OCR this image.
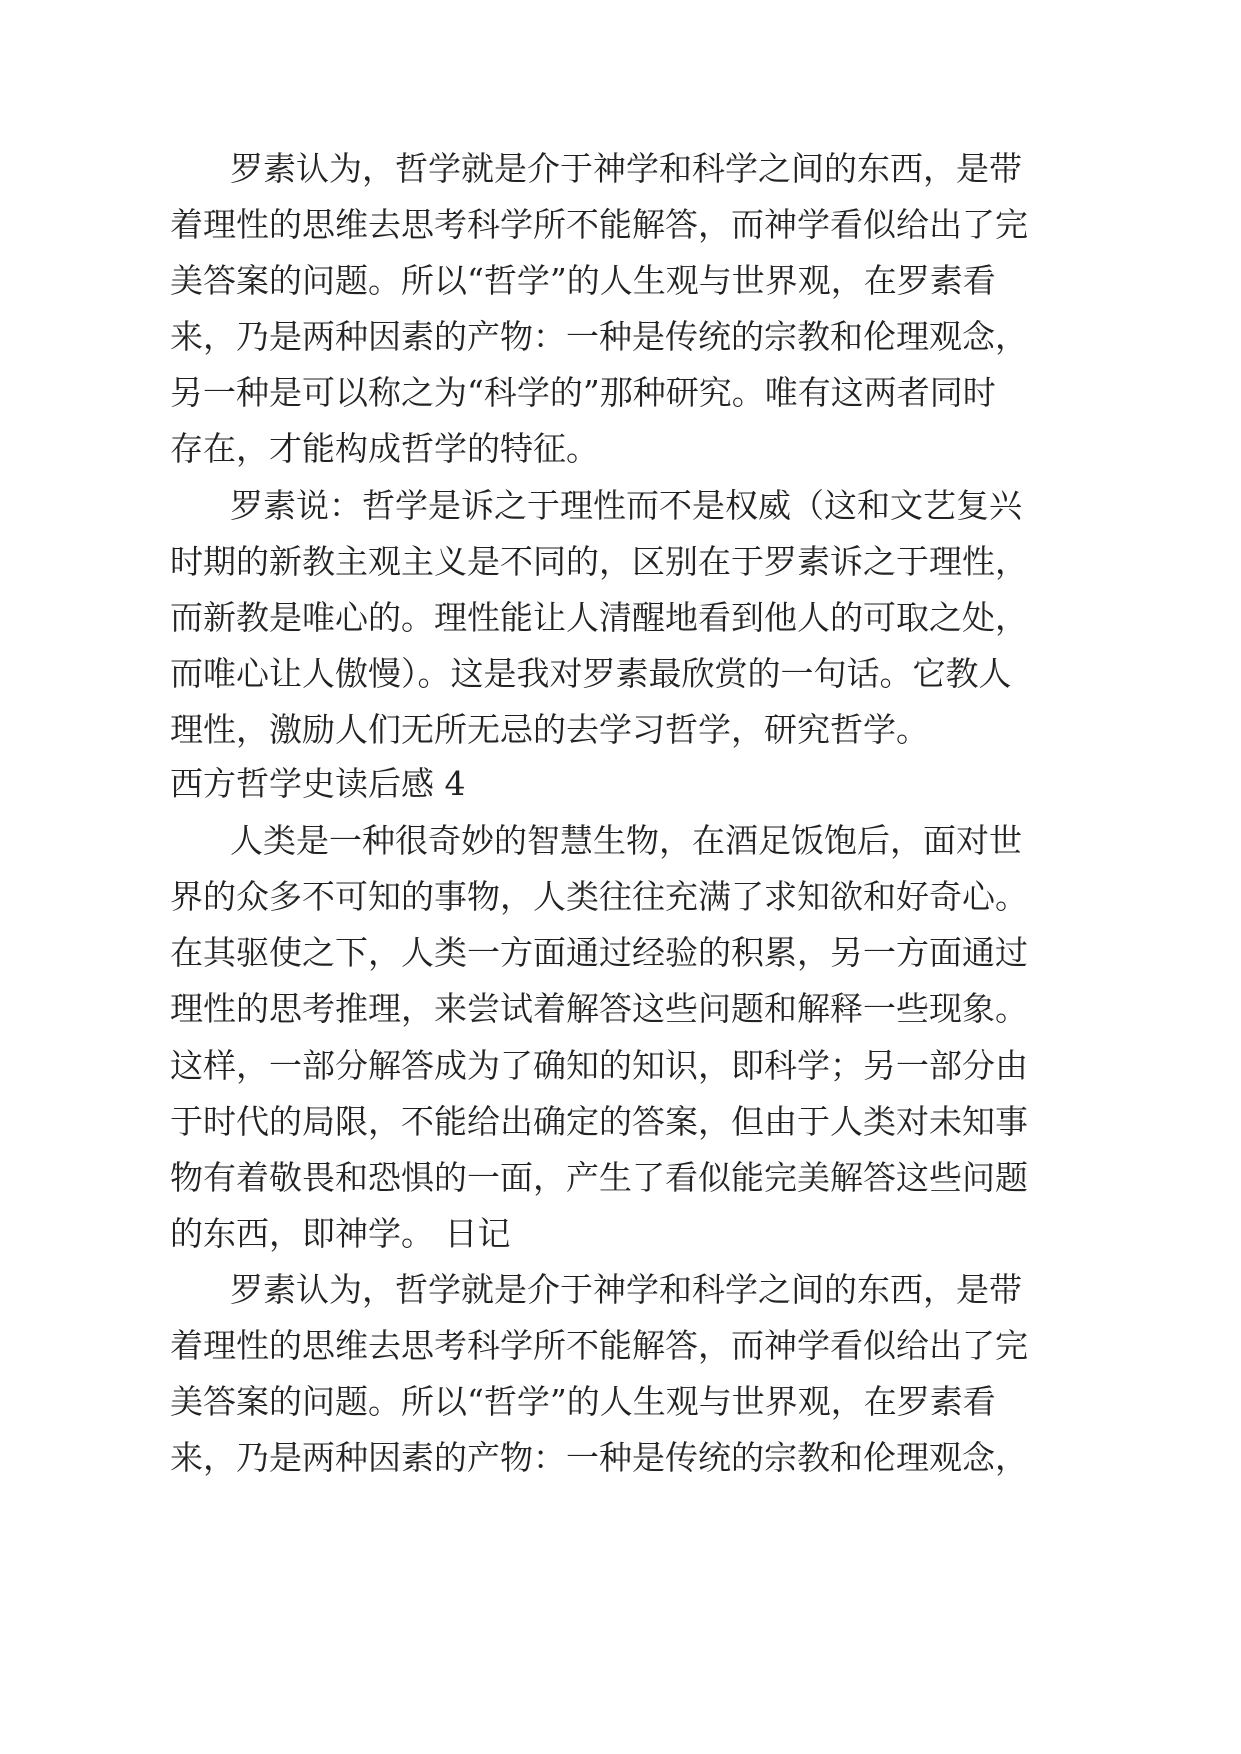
罗素认为，哲学就是介于神学和科学之间的东西，是带

着理性的思维去思考科学所不能解答，而神学看似给出了完

美答案的问题。所以“哲学”的人生观与世界观，在罗素看

来，乃是两种因素的产物：一种是传统的宗教和伦理观念，

另一种是可以称之为“科学的”那种研究。唯有这两者同时

存在，才能构成哲学的特征。

罗素说：哲学是诉之于理性而不是权威（这和文艺复兴

时期的新教主观主义是不同的，区别在于罗素诉之于理性，

而新教是唯心的。理性能让人清醒地看到他人的可取之处，

而唯心让人傲慢）。这是我对罗素最欣赏的一句话。它教人

理性，激励人们无所无忌的去学习哲学，研究哲学。

西方哲学史读后感 4

人类是一种很奇妙的智慧生物，在酒足饭饱后，面对世

界的众多不可知的事物，人类往往充满了求知欲和好奇心。

在其驱使之下，人类一方面通过经验的积累，另一方面通过

理性的思考推理，来尝试着解答这些问题和解释一些现象。

这样，一部分解答成为了确知的知识，即科学；另一部分由

于时代的局限，不能给出确定的答案，但由于人类对未知事

物有着敬畏和恐惧的一面，产生了看似能完美解答这些问题

的东西，即神学。 日记

罗素认为，哲学就是介于神学和科学之间的东西，是带

着理性的思维去思考科学所不能解答，而神学看似给出了完

美答案的问题。所以“哲学”的人生观与世界观，在罗素看

来，乃是两种因素的产物：一种是传统的宗教和伦理观念，
